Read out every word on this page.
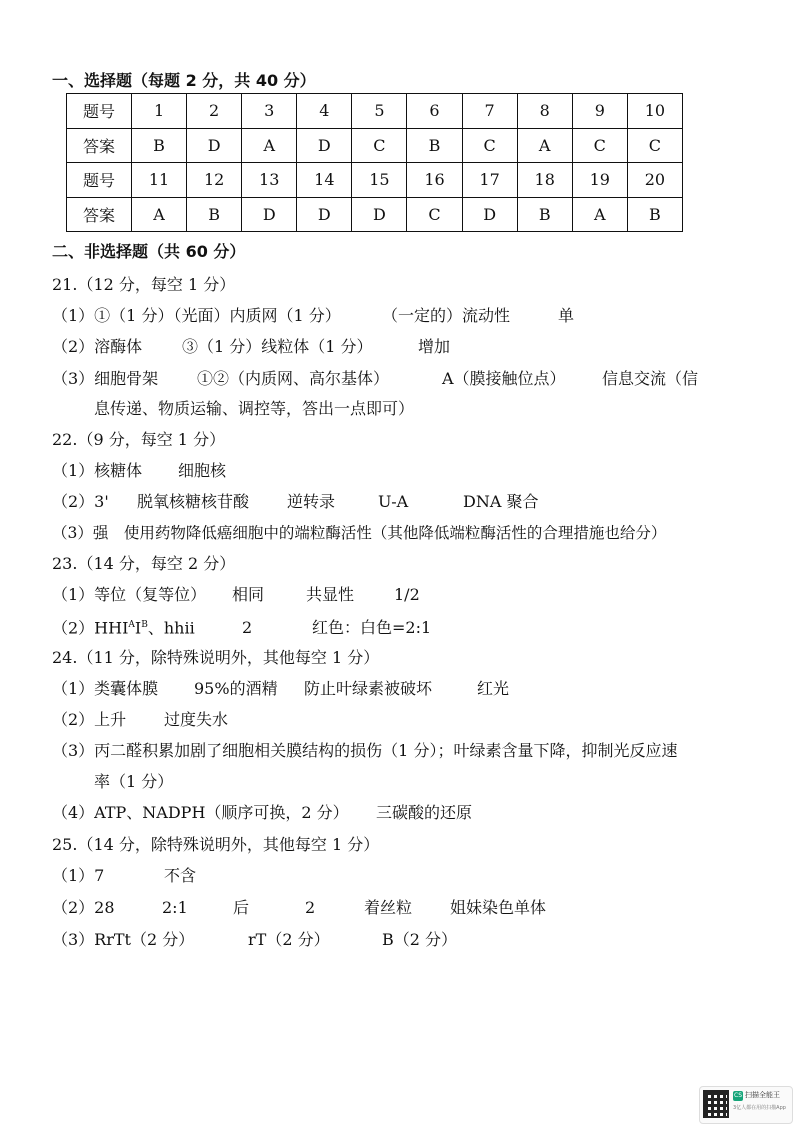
一、选择题（每题 2 分，共 40 分）
题号	1	2	3	4	5	6	7	8	9	10
答案	B	D	A	D	C	B	C	A	C	C
题号	11	12	13	14	15	16	17	18	19	20
答案	A	B	D	D	D	C	D	B	A	B
二、非选择题（共 60 分）
21.（12 分，每空 1 分）
（1）①（1 分）（光面）内质网（1 分）	（一定的）流动性	单
（2）溶酶体 ③（1 分）线粒体（1 分）	增加
（3）细胞骨架 ①②（内质网、高尔基体）	A（膜接触位点） 信息交流（信
息传递、物质运输、调控等，答出一点即可）
22.（9 分，每空 1 分）
（1）核糖体 细胞核
（2）3' 脱氧核糖核苷酸 逆转录	U-A	DNA 聚合
（3）强　使用药物降低癌细胞中的端粒酶活性（其他降低端粒酶活性的合理措施也给分）
23.（14 分，每空 2 分）
（1）等位（复等位） 相同	共显性 1/2
$(2)HHI^AI^B$、hhii	2	红色：白色=2:1
24.（11 分，除特殊说明外，其他每空 1 分）
（1）类囊体膜 95%的酒精 防止叶绿素被破坏	红光
（2）上升 过度失水
（3）丙二醛积累加剧了细胞相关膜结构的损伤（1 分）；叶绿素含量下降，抑制光反应速
率（1 分）
（4）ATP、NADPH（顺序可换，2 分） 三碳酸的还原
25.（14 分，除特殊说明外，其他每空 1 分）
（1）7	不含
（2）28	2:1	后	2	着丝粒 姐妹染色单体
（3）RrTt（2 分）	rT（2 分）	B（2 分）
CS 扫描全能王
3亿人都在用的扫描App
